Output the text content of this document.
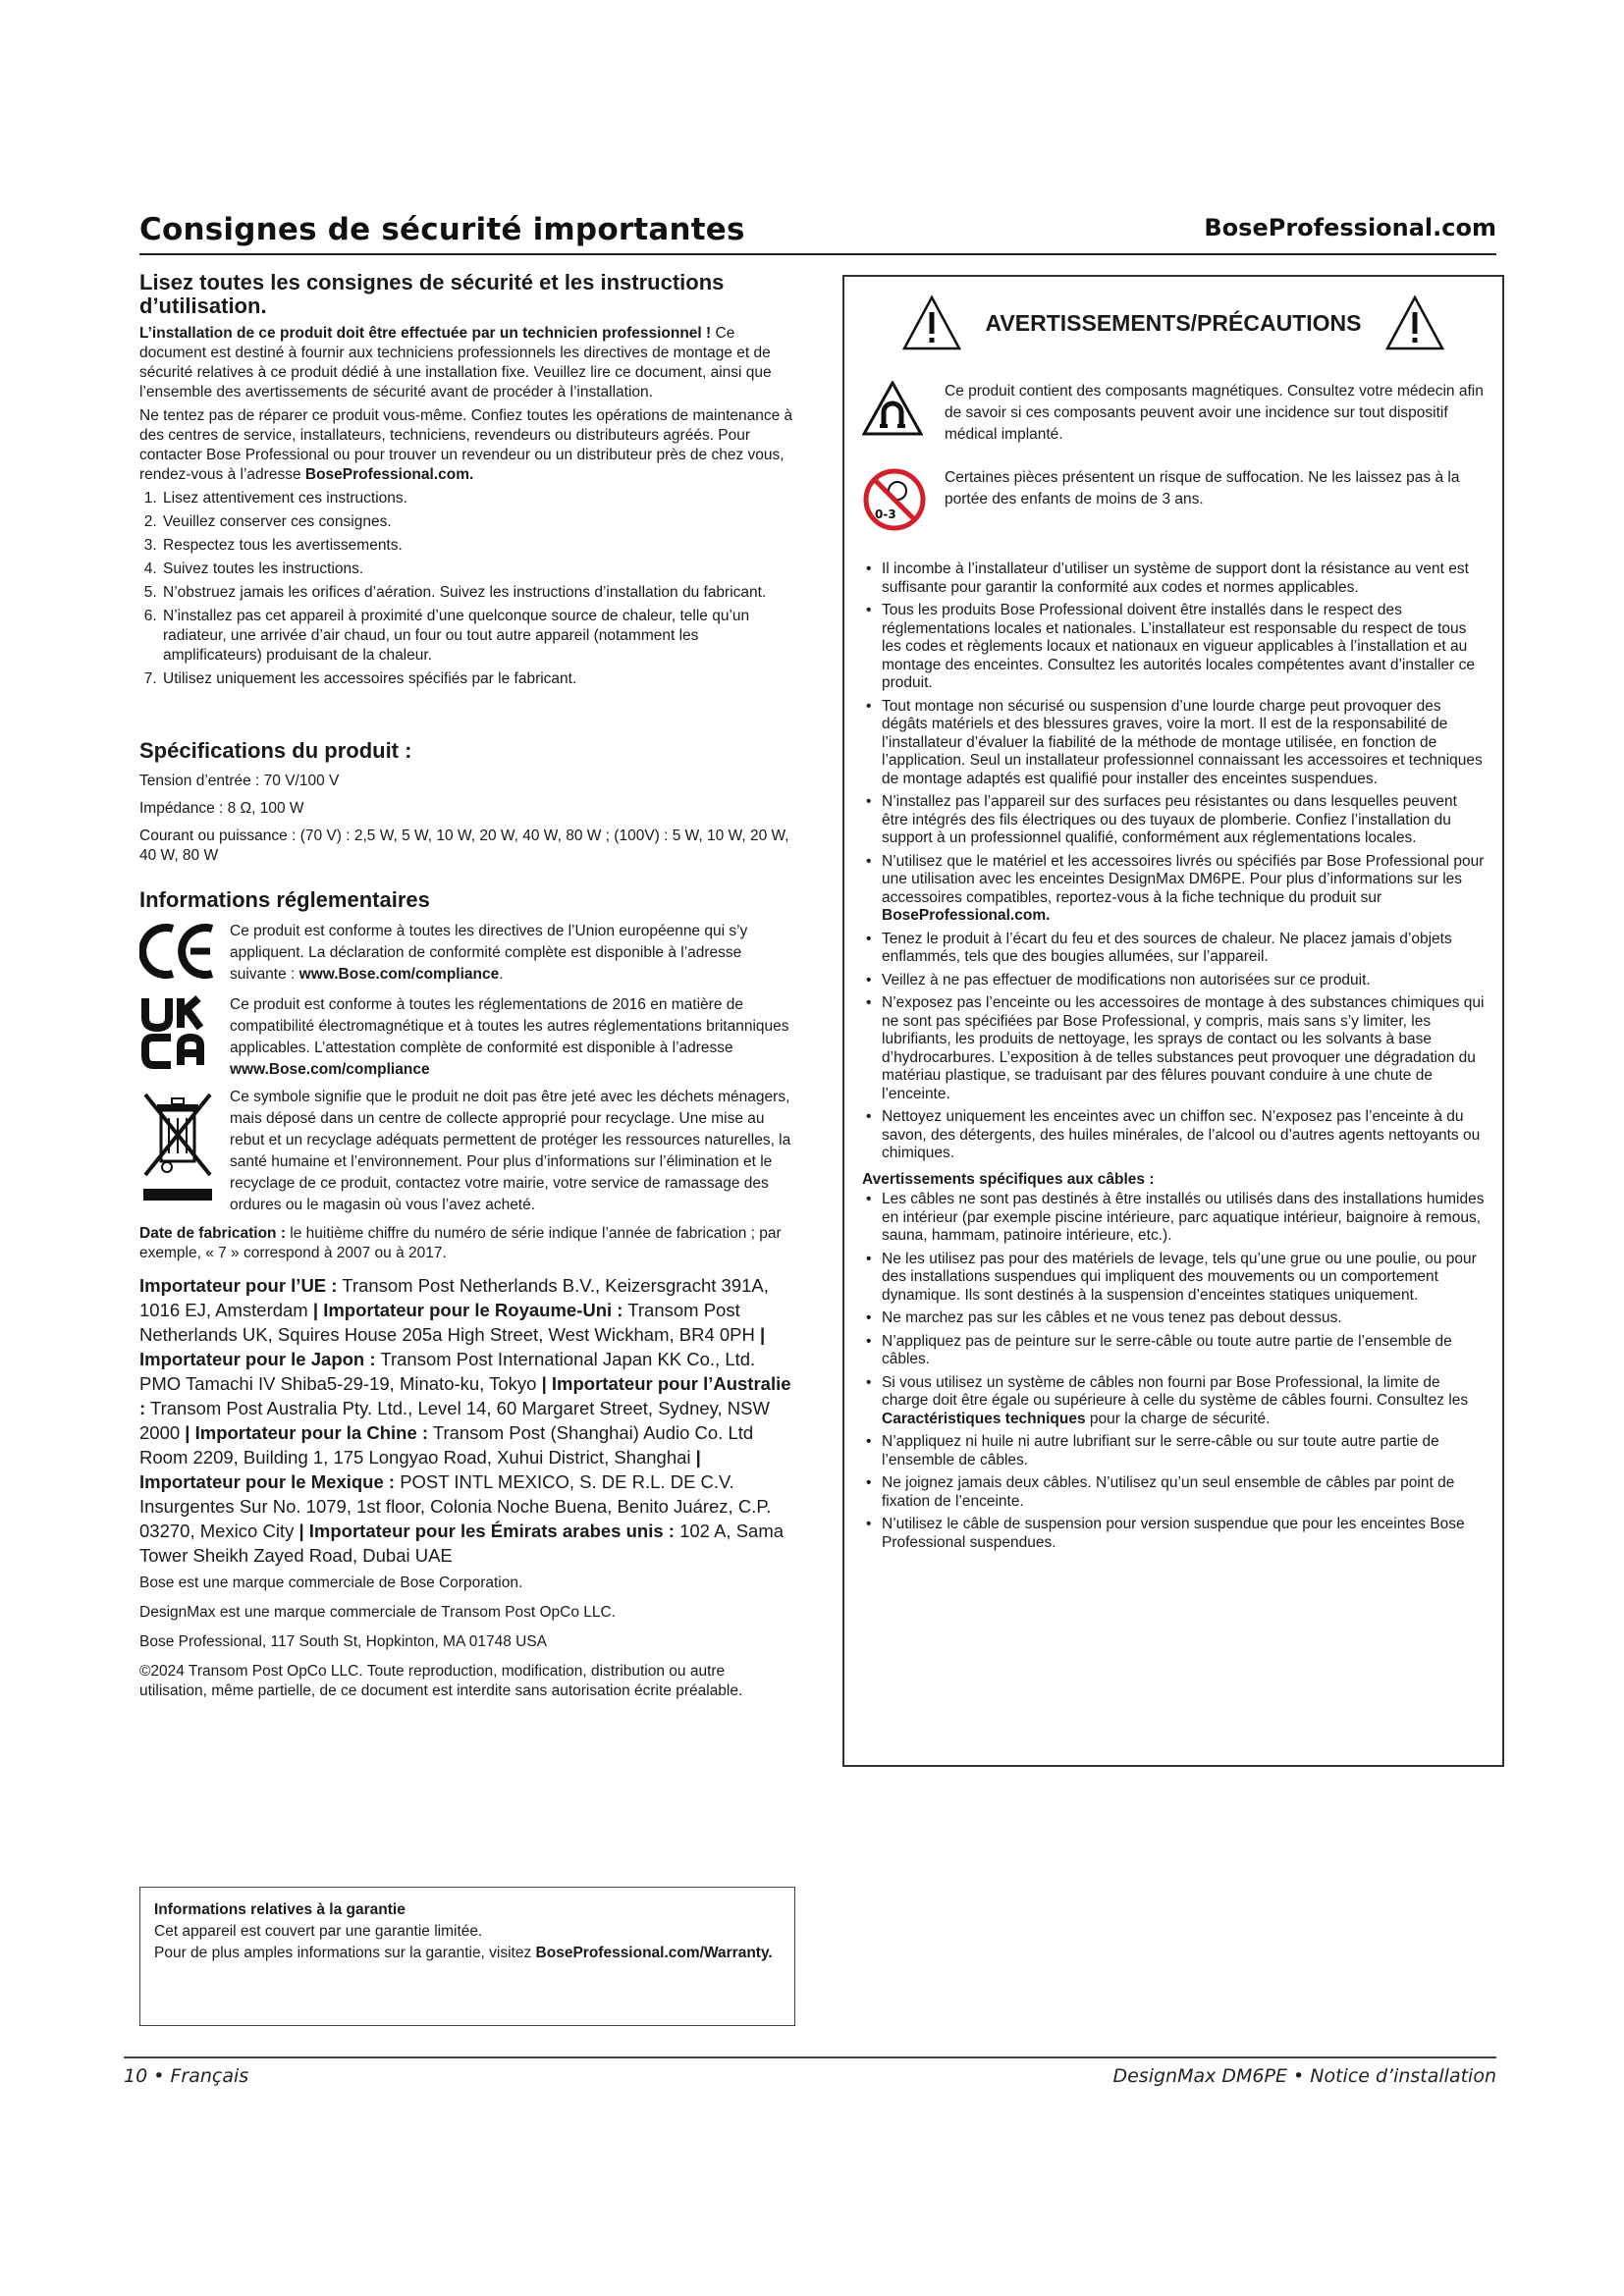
Consignes de sécurité importantes	BoseProfessional.com
Lisez toutes les consignes de sécurité et les instructions d’utilisation.

L’installation de ce produit doit être effectuée par un technicien professionnel ! Ce document est destiné à fournir aux techniciens professionnels les directives de montage et de sécurité relatives à ce produit dédié à une installation fixe. Veuillez lire ce document, ainsi que l’ensemble des avertissements de sécurité avant de procéder à l’installation.

Ne tentez pas de réparer ce produit vous-même. Confiez toutes les opérations de maintenance à des centres de service, installateurs, techniciens, revendeurs ou distributeurs agréés. Pour contacter Bose Professional ou pour trouver un revendeur ou un distributeur près de chez vous, rendez-vous à l’adresse BoseProfessional.com.

1. Lisez attentivement ces instructions.
2. Veuillez conserver ces consignes.
3. Respectez tous les avertissements.
4. Suivez toutes les instructions.
5. N’obstruez jamais les orifices d’aération. Suivez les instructions d’installation du fabricant.
6. N’installez pas cet appareil à proximité d’une quelconque source de chaleur, telle qu’un radiateur, une arrivée d’air chaud, un four ou tout autre appareil (notamment les amplificateurs) produisant de la chaleur.
7. Utilisez uniquement les accessoires spécifiés par le fabricant.
Spécifications du produit :

Tension d’entrée : 70 V/100 V

Impédance : 8 Ω, 100 W

Courant ou puissance : (70 V) : 2,5 W, 5 W, 10 W, 20 W, 40 W, 80 W ; (100V) : 5 W, 10 W, 20 W, 40 W, 80 W

Informations réglementaires
Ce produit est conforme à toutes les directives de l’Union européenne qui s’y appliquent. La déclaration de conformité complète est disponible à l’adresse suivante : www.Bose.com/compliance.
Ce produit est conforme à toutes les réglementations de 2016 en matière de compatibilité électromagnétique et à toutes les autres réglementations britanniques applicables. L’attestation complète de conformité est disponible à l’adresse www.Bose.com/compliance
Ce symbole signifie que le produit ne doit pas être jeté avec les déchets ménagers, mais déposé dans un centre de collecte approprié pour recyclage. Une mise au rebut et un recyclage adéquats permettent de protéger les ressources naturelles, la santé humaine et l’environnement. Pour plus d’informations sur l’élimination et le recyclage de ce produit, contactez votre mairie, votre service de ramassage des ordures ou le magasin où vous l’avez acheté.

Date de fabrication : le huitième chiffre du numéro de série indique l’année de fabrication ; par exemple, « 7 » correspond à 2007 ou à 2017.

Importateur pour l’UE : Transom Post Netherlands B.V., Keizersgracht 391A, 1016 EJ, Amsterdam | Importateur pour le Royaume-Uni : Transom Post Netherlands UK, Squires House 205a High Street, West Wickham, BR4 0PH | Importateur pour le Japon : Transom Post International Japan KK Co., Ltd. PMO Tamachi IV Shiba5-29-19, Minato-ku, Tokyo | Importateur pour l’Australie : Transom Post Australia Pty. Ltd., Level 14, 60 Margaret Street, Sydney, NSW 2000 | Importateur pour la Chine : Transom Post (Shanghai) Audio Co. Ltd Room 2209, Building 1, 175 Longyao Road, Xuhui District, Shanghai | Importateur pour le Mexique : POST INTL MEXICO, S. DE R.L. DE C.V. Insurgentes Sur No. 1079, 1st floor, Colonia Noche Buena, Benito Juárez, C.P. 03270, Mexico City | Importateur pour les Émirats arabes unis : 102 A, Sama Tower Sheikh Zayed Road, Dubai UAE

Bose est une marque commerciale de Bose Corporation.

DesignMax est une marque commerciale de Transom Post OpCo LLC.

Bose Professional, 117 South St, Hopkinton, MA 01748 USA

©2024 Transom Post OpCo LLC. Toute reproduction, modification, distribution ou autre utilisation, même partielle, de ce document est interdite sans autorisation écrite préalable.

Informations relatives à la garantie
Cet appareil est couvert par une garantie limitée.
Pour de plus amples informations sur la garantie, visitez BoseProfessional.com/Warranty.
AVERTISSEMENTS/PRÉCAUTIONS
Ce produit contient des composants magnétiques. Consultez votre médecin afin de savoir si ces composants peuvent avoir une incidence sur tout dispositif médical implanté.
0-3
Certaines pièces présentent un risque de suffocation. Ne les laissez pas à la portée des enfants de moins de 3 ans.
• Il incombe à l’installateur d’utiliser un système de support dont la résistance au vent est suffisante pour garantir la conformité aux codes et normes applicables.
• Tous les produits Bose Professional doivent être installés dans le respect des réglementations locales et nationales. L’installateur est responsable du respect de tous les codes et règlements locaux et nationaux en vigueur applicables à l’installation et au montage des enceintes. Consultez les autorités locales compétentes avant d’installer ce produit.
• Tout montage non sécurisé ou suspension d’une lourde charge peut provoquer des dégâts matériels et des blessures graves, voire la mort. Il est de la responsabilité de l’installateur d’évaluer la fiabilité de la méthode de montage utilisée, en fonction de l’application. Seul un installateur professionnel connaissant les accessoires et techniques de montage adaptés est qualifié pour installer des enceintes suspendues.
• N’installez pas l’appareil sur des surfaces peu résistantes ou dans lesquelles peuvent être intégrés des fils électriques ou des tuyaux de plomberie. Confiez l’installation du support à un professionnel qualifié, conformément aux réglementations locales.
• N’utilisez que le matériel et les accessoires livrés ou spécifiés par Bose Professional pour une utilisation avec les enceintes DesignMax DM6PE. Pour plus d’informations sur les accessoires compatibles, reportez-vous à la fiche technique du produit sur BoseProfessional.com.
• Tenez le produit à l’écart du feu et des sources de chaleur. Ne placez jamais d’objets enflammés, tels que des bougies allumées, sur l’appareil.
• Veillez à ne pas effectuer de modifications non autorisées sur ce produit.
• N’exposez pas l’enceinte ou les accessoires de montage à des substances chimiques qui ne sont pas spécifiées par Bose Professional, y compris, mais sans s’y limiter, les lubrifiants, les produits de nettoyage, les sprays de contact ou les solvants à base d’hydrocarbures. L’exposition à de telles substances peut provoquer une dégradation du matériau plastique, se traduisant par des fêlures pouvant conduire à une chute de l’enceinte.
• Nettoyez uniquement les enceintes avec un chiffon sec. N’exposez pas l’enceinte à du savon, des détergents, des huiles minérales, de l’alcool ou d’autres agents nettoyants ou chimiques.
Avertissements spécifiques aux câbles :
• Les câbles ne sont pas destinés à être installés ou utilisés dans des installations humides en intérieur (par exemple piscine intérieure, parc aquatique intérieur, baignoire à remous, sauna, hammam, patinoire intérieure, etc.).
• Ne les utilisez pas pour des matériels de levage, tels qu’une grue ou une poulie, ou pour des installations suspendues qui impliquent des mouvements ou un comportement dynamique. Ils sont destinés à la suspension d’enceintes statiques uniquement.
• Ne marchez pas sur les câbles et ne vous tenez pas debout dessus.
• N’appliquez pas de peinture sur le serre-câble ou toute autre partie de l’ensemble de câbles.
• Si vous utilisez un système de câbles non fourni par Bose Professional, la limite de charge doit être égale ou supérieure à celle du système de câbles fourni. Consultez les Caractéristiques techniques pour la charge de sécurité.
• N’appliquez ni huile ni autre lubrifiant sur le serre-câble ou sur toute autre partie de l’ensemble de câbles.
• Ne joignez jamais deux câbles. N’utilisez qu’un seul ensemble de câbles par point de fixation de l’enceinte.
• N’utilisez le câble de suspension pour version suspendue que pour les enceintes Bose Professional suspendues.
10 • Français	DesignMax DM6PE • Notice d’installation
